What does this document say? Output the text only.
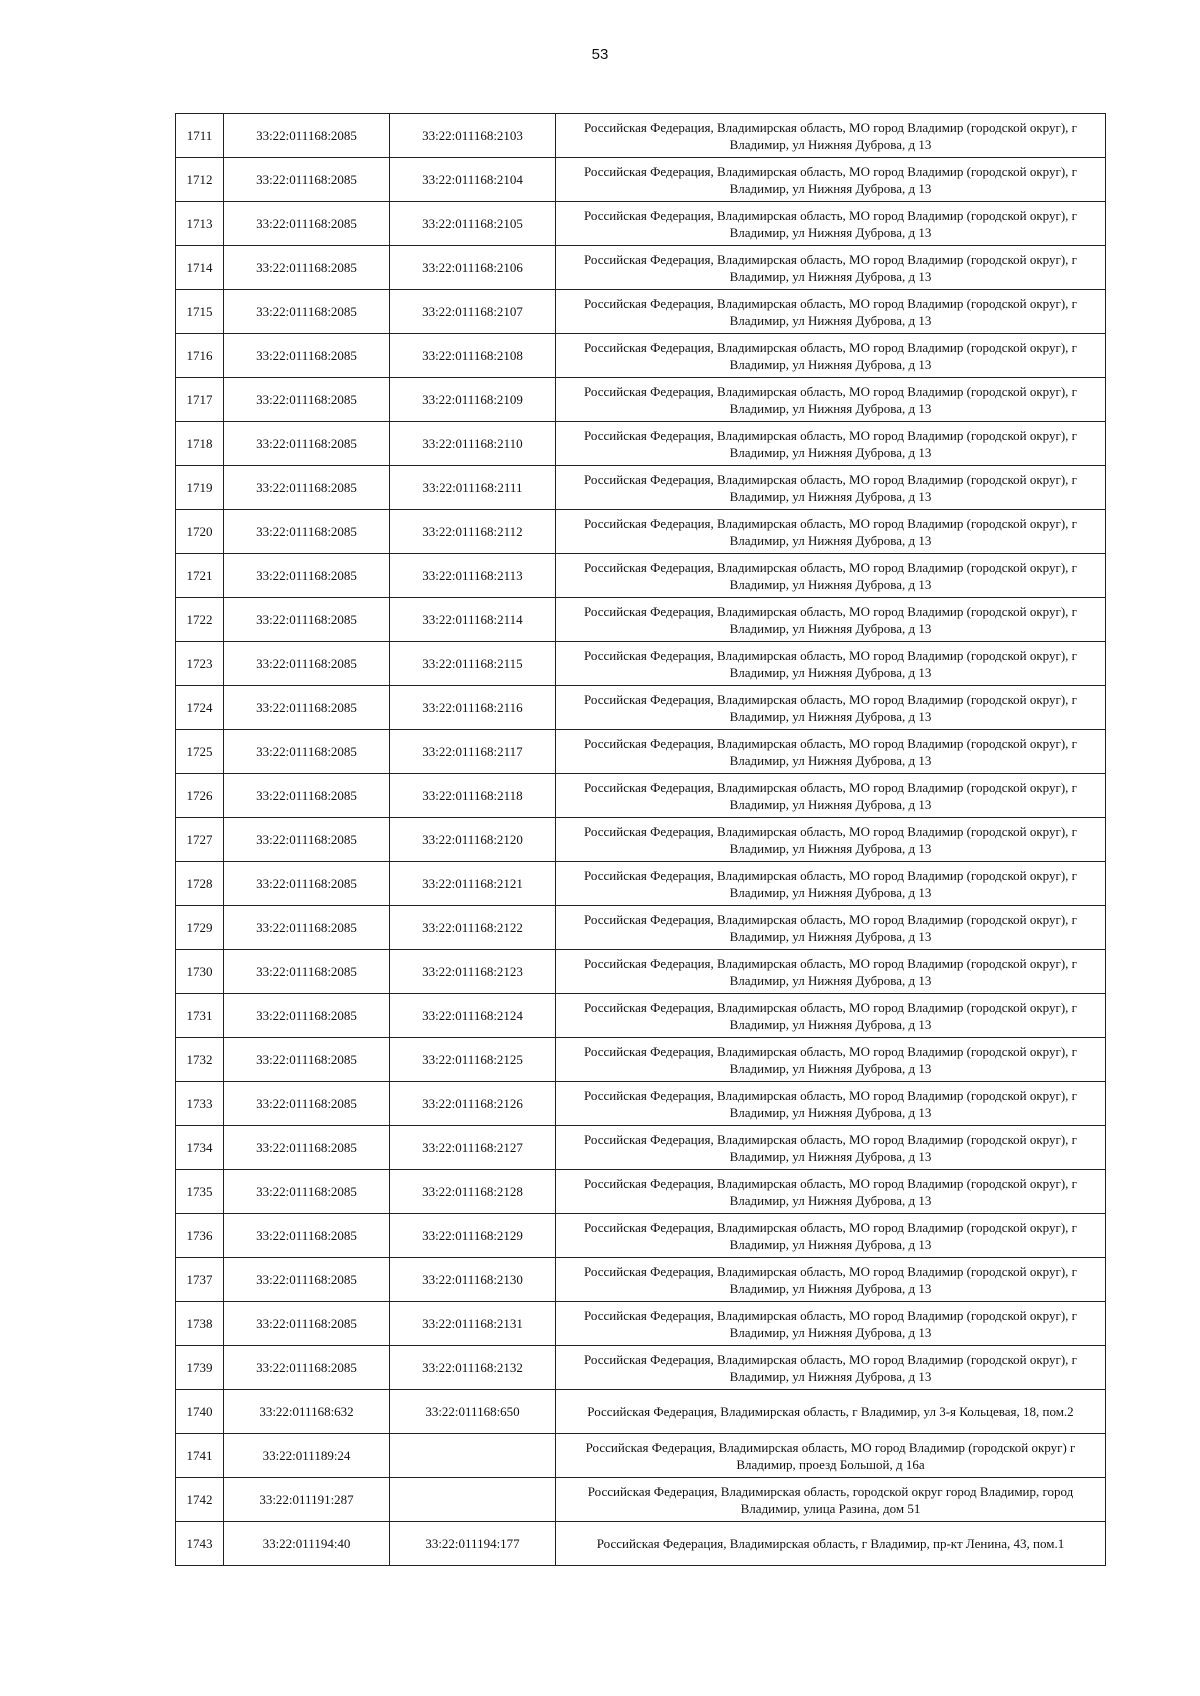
53
1711	33:22:011168:2085	33:22:011168:2103	Российская Федерация, Владимирская область, МО город Владимир (городской округ), г Владимир, ул Нижняя Дуброва, д 13
1712	33:22:011168:2085	33:22:011168:2104	Российская Федерация, Владимирская область, МО город Владимир (городской округ), г Владимир, ул Нижняя Дуброва, д 13
1713	33:22:011168:2085	33:22:011168:2105	Российская Федерация, Владимирская область, МО город Владимир (городской округ), г Владимир, ул Нижняя Дуброва, д 13
1714	33:22:011168:2085	33:22:011168:2106	Российская Федерация, Владимирская область, МО город Владимир (городской округ), г Владимир, ул Нижняя Дуброва, д 13
1715	33:22:011168:2085	33:22:011168:2107	Российская Федерация, Владимирская область, МО город Владимир (городской округ), г Владимир, ул Нижняя Дуброва, д 13
1716	33:22:011168:2085	33:22:011168:2108	Российская Федерация, Владимирская область, МО город Владимир (городской округ), г Владимир, ул Нижняя Дуброва, д 13
1717	33:22:011168:2085	33:22:011168:2109	Российская Федерация, Владимирская область, МО город Владимир (городской округ), г Владимир, ул Нижняя Дуброва, д 13
1718	33:22:011168:2085	33:22:011168:2110	Российская Федерация, Владимирская область, МО город Владимир (городской округ), г Владимир, ул Нижняя Дуброва, д 13
1719	33:22:011168:2085	33:22:011168:2111	Российская Федерация, Владимирская область, МО город Владимир (городской округ), г Владимир, ул Нижняя Дуброва, д 13
1720	33:22:011168:2085	33:22:011168:2112	Российская Федерация, Владимирская область, МО город Владимир (городской округ), г Владимир, ул Нижняя Дуброва, д 13
1721	33:22:011168:2085	33:22:011168:2113	Российская Федерация, Владимирская область, МО город Владимир (городской округ), г Владимир, ул Нижняя Дуброва, д 13
1722	33:22:011168:2085	33:22:011168:2114	Российская Федерация, Владимирская область, МО город Владимир (городской округ), г Владимир, ул Нижняя Дуброва, д 13
1723	33:22:011168:2085	33:22:011168:2115	Российская Федерация, Владимирская область, МО город Владимир (городской округ), г Владимир, ул Нижняя Дуброва, д 13
1724	33:22:011168:2085	33:22:011168:2116	Российская Федерация, Владимирская область, МО город Владимир (городской округ), г Владимир, ул Нижняя Дуброва, д 13
1725	33:22:011168:2085	33:22:011168:2117	Российская Федерация, Владимирская область, МО город Владимир (городской округ), г Владимир, ул Нижняя Дуброва, д 13
1726	33:22:011168:2085	33:22:011168:2118	Российская Федерация, Владимирская область, МО город Владимир (городской округ), г Владимир, ул Нижняя Дуброва, д 13
1727	33:22:011168:2085	33:22:011168:2120	Российская Федерация, Владимирская область, МО город Владимир (городской округ), г Владимир, ул Нижняя Дуброва, д 13
1728	33:22:011168:2085	33:22:011168:2121	Российская Федерация, Владимирская область, МО город Владимир (городской округ), г Владимир, ул Нижняя Дуброва, д 13
1729	33:22:011168:2085	33:22:011168:2122	Российская Федерация, Владимирская область, МО город Владимир (городской округ), г Владимир, ул Нижняя Дуброва, д 13
1730	33:22:011168:2085	33:22:011168:2123	Российская Федерация, Владимирская область, МО город Владимир (городской округ), г Владимир, ул Нижняя Дуброва, д 13
1731	33:22:011168:2085	33:22:011168:2124	Российская Федерация, Владимирская область, МО город Владимир (городской округ), г Владимир, ул Нижняя Дуброва, д 13
1732	33:22:011168:2085	33:22:011168:2125	Российская Федерация, Владимирская область, МО город Владимир (городской округ), г Владимир, ул Нижняя Дуброва, д 13
1733	33:22:011168:2085	33:22:011168:2126	Российская Федерация, Владимирская область, МО город Владимир (городской округ), г Владимир, ул Нижняя Дуброва, д 13
1734	33:22:011168:2085	33:22:011168:2127	Российская Федерация, Владимирская область, МО город Владимир (городской округ), г Владимир, ул Нижняя Дуброва, д 13
1735	33:22:011168:2085	33:22:011168:2128	Российская Федерация, Владимирская область, МО город Владимир (городской округ), г Владимир, ул Нижняя Дуброва, д 13
1736	33:22:011168:2085	33:22:011168:2129	Российская Федерация, Владимирская область, МО город Владимир (городской округ), г Владимир, ул Нижняя Дуброва, д 13
1737	33:22:011168:2085	33:22:011168:2130	Российская Федерация, Владимирская область, МО город Владимир (городской округ), г Владимир, ул Нижняя Дуброва, д 13
1738	33:22:011168:2085	33:22:011168:2131	Российская Федерация, Владимирская область, МО город Владимир (городской округ), г Владимир, ул Нижняя Дуброва, д 13
1739	33:22:011168:2085	33:22:011168:2132	Российская Федерация, Владимирская область, МО город Владимир (городской округ), г Владимир, ул Нижняя Дуброва, д 13
1740	33:22:011168:632	33:22:011168:650	Российская Федерация, Владимирская область, г Владимир, ул 3-я Кольцевая, 18, пом.2
1741	33:22:011189:24		Российская Федерация, Владимирская область, МО город Владимир (городской округ) г Владимир, проезд Большой, д 16а
1742	33:22:011191:287		Российская Федерация, Владимирская область, городской округ город Владимир, город Владимир, улица Разина, дом 51
1743	33:22:011194:40	33:22:011194:177	Российская Федерация, Владимирская область, г Владимир, пр-кт Ленина, 43, пом.1
